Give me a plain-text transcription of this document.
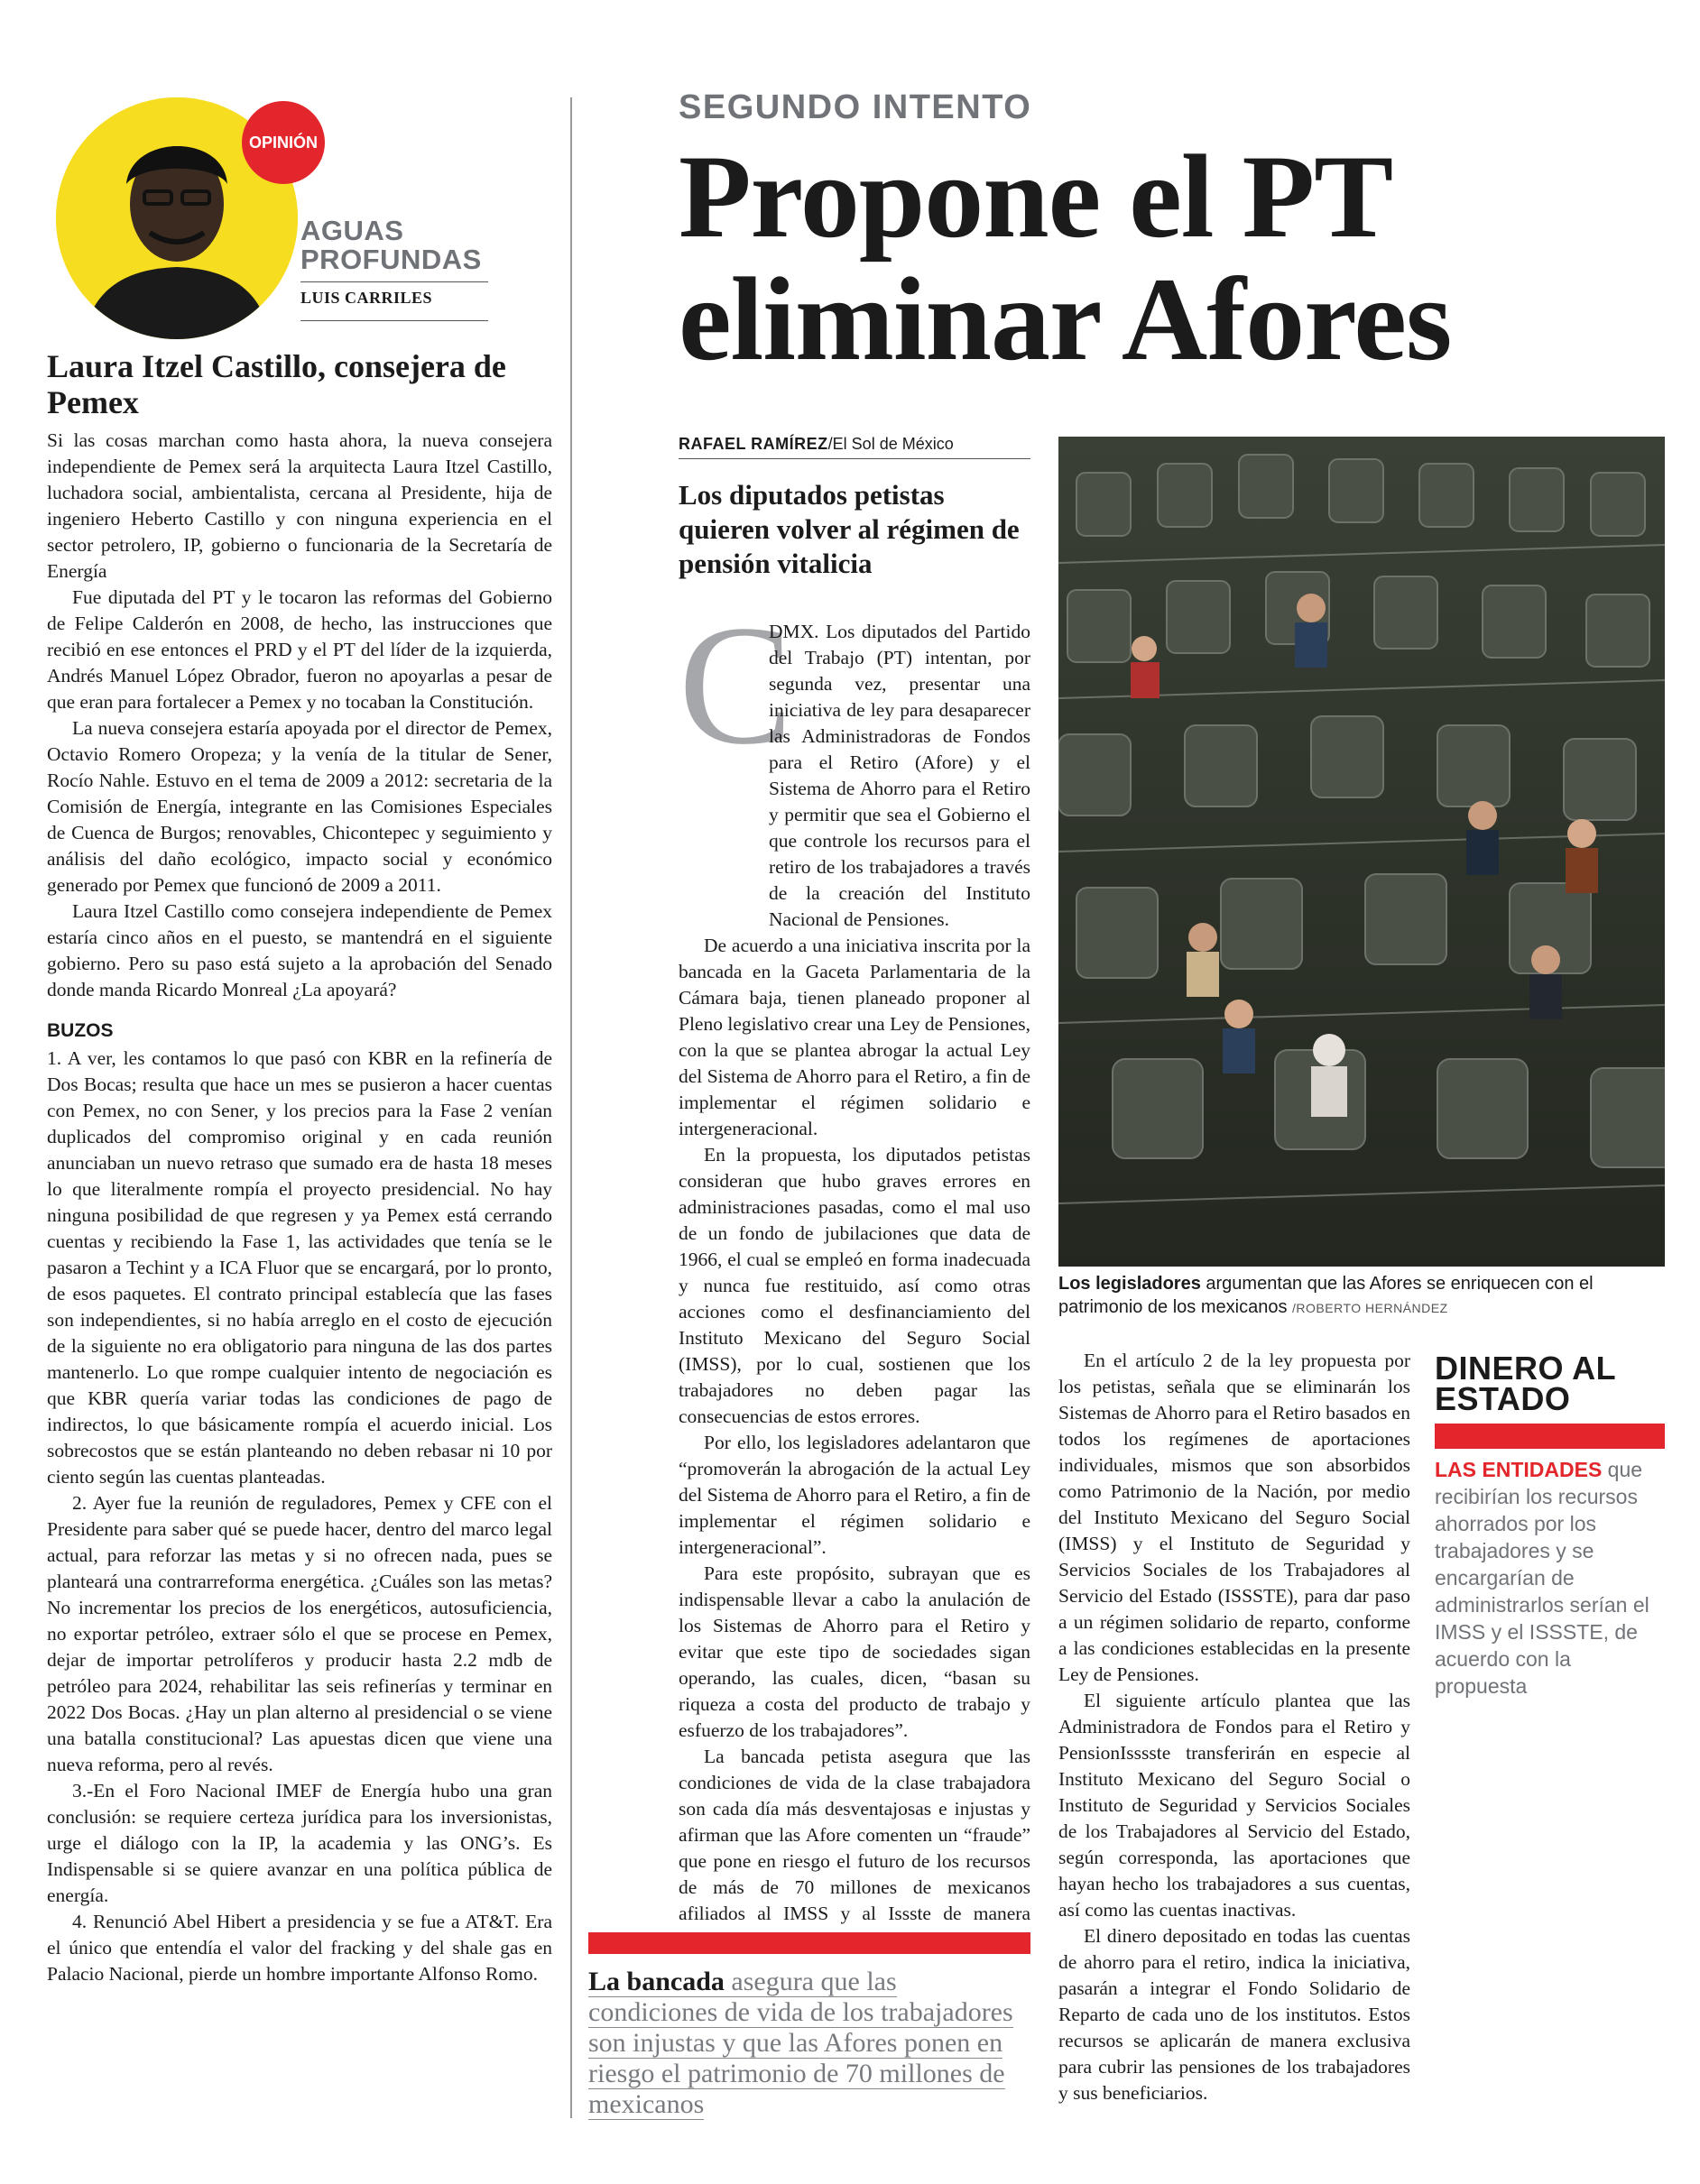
OPINIÓN
AGUAS
PROFUNDAS
LUIS CARRILES
Laura Itzel Castillo, consejera de Pemex

Si las cosas marchan como hasta ahora, la nueva consejera independiente de Pemex será la arquitecta Laura Itzel Castillo, luchadora social, ambientalista, cercana al Presidente, hija de ingeniero Heberto Castillo y con ninguna experiencia en el sector petrolero, IP, gobierno o funcionaria de la Secretaría de Energía

Fue diputada del PT y le tocaron las reformas del Gobierno de Felipe Calderón en 2008, de hecho, las instrucciones que recibió en ese entonces el PRD y el PT del líder de la izquierda, Andrés Manuel López Obrador, fueron no apoyarlas a pesar de que eran para fortalecer a Pemex y no tocaban la Constitución.

La nueva consejera estaría apoyada por el director de Pemex, Octavio Romero Oropeza; y la venía de la titular de Sener, Rocío Nahle. Estuvo en el tema de 2009 a 2012: secretaria de la Comisión de Energía, integrante en las Comisiones Especiales de Cuenca de Burgos; renovables, Chicontepec y seguimiento y análisis del daño ecológico, impacto social y económico generado por Pemex que funcionó de 2009 a 2011.

Laura Itzel Castillo como consejera independiente de Pemex estaría cinco años en el puesto, se mantendrá en el siguiente gobierno. Pero su paso está sujeto a la aprobación del Senado donde manda Ricardo Monreal ¿La apoyará?

BUZOS

1. A ver, les contamos lo que pasó con KBR en la refinería de Dos Bocas; resulta que hace un mes se pusieron a hacer cuentas con Pemex, no con Sener, y los precios para la Fase 2 venían duplicados del compromiso original y en cada reunión anunciaban un nuevo retraso que sumado era de hasta 18 meses lo que literalmente rompía el proyecto presidencial. No hay ninguna posibilidad de que regresen y ya Pemex está cerrando cuentas y recibiendo la Fase 1, las actividades que tenía se le pasaron a Techint y a ICA Fluor que se encargará, por lo pronto, de esos paquetes. El contrato principal establecía que las fases son independientes, si no había arreglo en el costo de ejecución de la siguiente no era obligatorio para ninguna de las dos partes mantenerlo. Lo que rompe cualquier intento de negociación es que KBR quería variar todas las condiciones de pago de indirectos, lo que básicamente rompía el acuerdo inicial. Los sobrecostos que se están planteando no deben rebasar ni 10 por ciento según las cuentas planteadas.

2. Ayer fue la reunión de reguladores, Pemex y CFE con el Presidente para saber qué se puede hacer, dentro del marco legal actual, para reforzar las metas y si no ofrecen nada, pues se planteará una contrarreforma energética. ¿Cuáles son las metas? No incrementar los precios de los energéticos, autosuficiencia, no exportar petróleo, extraer sólo el que se procese en Pemex, dejar de importar petrolíferos y producir hasta 2.2 mdb de petróleo para 2024, rehabilitar las seis refinerías y terminar en 2022 Dos Bocas. ¿Hay un plan alterno al presidencial o se viene una batalla constitucional? Las apuestas dicen que viene una nueva reforma, pero al revés.

3.-En el Foro Nacional IMEF de Energía hubo una gran conclusión: se requiere certeza jurídica para los inversionistas, urge el diálogo con la IP, la academia y las ONG’s. Es Indispensable si se quiere avanzar en una política pública de energía.

4. Renunció Abel Hibert a presidencia y se fue a AT&T. Era el único que entendía el valor del fracking y del shale gas en Palacio Nacional, pierde un hombre importante Alfonso Romo.

SEGUNDO INTENTO
Propone el PT
eliminar Afores
RAFAEL RAMÍREZ/El Sol de México
Los diputados petistas quieren volver al régimen de pensión vitalicia
C

DMX. Los diputados del Partido del Trabajo (PT) intentan, por segunda vez, presentar una iniciativa de ley para desaparecer las Administradoras de Fondos para el Retiro (Afore) y el Sistema de Ahorro para el Retiro y permitir que sea el Gobierno el que controle los recursos para el retiro de los trabajadores a través de la creación del Instituto Nacional de Pensiones.

De acuerdo a una iniciativa inscrita por la bancada en la Gaceta Parlamentaria de la Cámara baja, tienen planeado proponer al Pleno legislativo crear una Ley de Pensiones, con la que se plantea abrogar la actual Ley del Sistema de Ahorro para el Retiro, a fin de implementar el régimen solidario e intergeneracional.

En la propuesta, los diputados petistas consideran que hubo graves errores en administraciones pasadas, como el mal uso de un fondo de jubilaciones que data de 1966, el cual se empleó en forma inadecuada y nunca fue restituido, así como otras acciones como el desfinanciamiento del Instituto Mexicano del Seguro Social (IMSS), por lo cual, sostienen que los trabajadores no deben pagar las consecuencias de estos errores.

Por ello, los legisladores adelantaron que “promoverán la abrogación de la actual Ley del Sistema de Ahorro para el Retiro, a fin de implementar el régimen solidario e intergeneracional”.

Para este propósito, subrayan que es indispensable llevar a cabo la anulación de los Sistemas de Ahorro para el Retiro y evitar que este tipo de sociedades sigan operando, las cuales, dicen, “basan su riqueza a costa del producto de trabajo y esfuerzo de los trabajadores”.

La bancada petista asegura que las condiciones de vida de la clase trabajadora son cada día más desventajosas e injustas y afirman que las Afore comenten un “fraude” que pone en riesgo el futuro de los recursos de más de 70 millones de mexicanos afiliados al IMSS y al Issste de manera

Los legisladores argumentan que las Afores se enriquecen con el patrimonio de los mexicanos /ROBERTO HERNÁNDEZ

En el artículo 2 de la ley propuesta por los petistas, señala que se eliminarán los Sistemas de Ahorro para el Retiro basados en todos los regímenes de aportaciones individuales, mismos que son absorbidos como Patrimonio de la Nación, por medio del Instituto Mexicano del Seguro Social (IMSS) y el Instituto de Seguridad y Servicios Sociales de los Trabajadores al Servicio del Estado (ISSSTE), para dar paso a un régimen solidario de reparto, conforme a las condiciones establecidas en la presente Ley de Pensiones.

El siguiente artículo plantea que las Administradora de Fondos para el Retiro y PensionIsssste transferirán en especie al Instituto Mexicano del Seguro Social o Instituto de Seguridad y Servicios Sociales de los Trabajadores al Servicio del Estado, según corresponda, las aportaciones que hayan hecho los trabajadores a sus cuentas, así como las cuentas inactivas.

El dinero depositado en todas las cuentas de ahorro para el retiro, indica la iniciativa, pasarán a integrar el Fondo Solidario de Reparto de cada uno de los institutos. Estos recursos se aplicarán de manera exclusiva para cubrir las pensiones de los trabajadores y sus beneficiarios.

DINERO AL
ESTADO
LAS ENTIDADES que recibirían los recursos ahorrados por los trabajadores y se encargarían de administrarlos serían el IMSS y el ISSSTE, de acuerdo con la propuesta
La bancada asegura que las condiciones de vida de los trabajadores son injustas y que las Afores ponen en riesgo el patrimonio de 70 millones de mexicanos
